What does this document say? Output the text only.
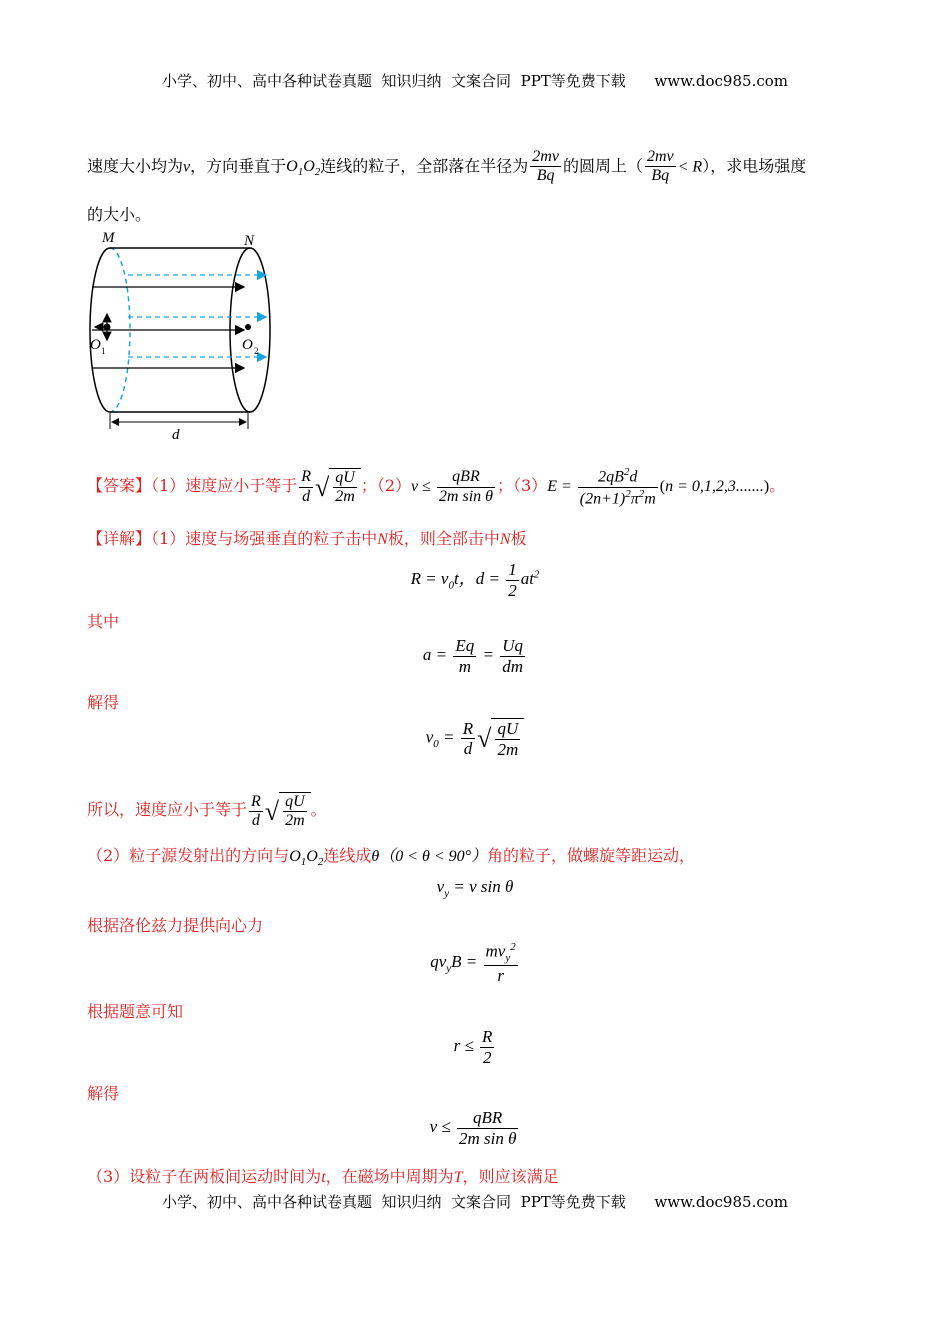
小学、初中、高中各种试卷真题  知识归纳  文案合同  PPT等免费下载      www.doc985.com
速度大小均为v，方向垂直于$O_1O_2$连线的粒子，全部落在半径为 $\frac{2mv}{Bq}$ 的圆周上（ $\frac{2mv}{Bq} < R$），求电场强度
的大小。
M	N
O 1	O 2
d
【答案】（1）速度应小于等于 $\frac{R}{d}$ √ $\frac{qU}{2m}$ ；$(2)v \le \frac{\text{qBR}}{\text{2m sin θ}}$ ；$(3)E = \frac{2qB^2d}{(2n+1)^2\pi^2m} (n = 0,1,2,3.......)$。
【详解】（1）速度与场强垂直的粒子击中N板，则全部击中N板
$R = v_0t$，$d = \frac{1}{2} at^2$
其中
$a = \frac{Eq}{m} = \frac{Uq}{dm}$
解得
$v_0 = \frac{R}{d}$ √ $\frac{qU}{2m}$
所以，速度应小于等于 $\frac{R}{d}$ √ $\frac{qU}{2m}$ 。
（2）粒子源发射出的方向与$O_1O_2$连线成θ（0 < θ < 90°）角的粒子，做螺旋等距运动，
$v_y = v$ sin θ
根据洛伦兹力提供向心力
$qv_yB = \frac{mv_y^2}{r}$
根据题意可知
$r \le \frac{R}{2}$
解得
$v \le \frac{\text{qBR}}{\text{2m sin θ}}$
（3）设粒子在两板间运动时间为t，在磁场中周期为T，则应该满足
小学、初中、高中各种试卷真题  知识归纳  文案合同  PPT等免费下载      www.doc985.com
